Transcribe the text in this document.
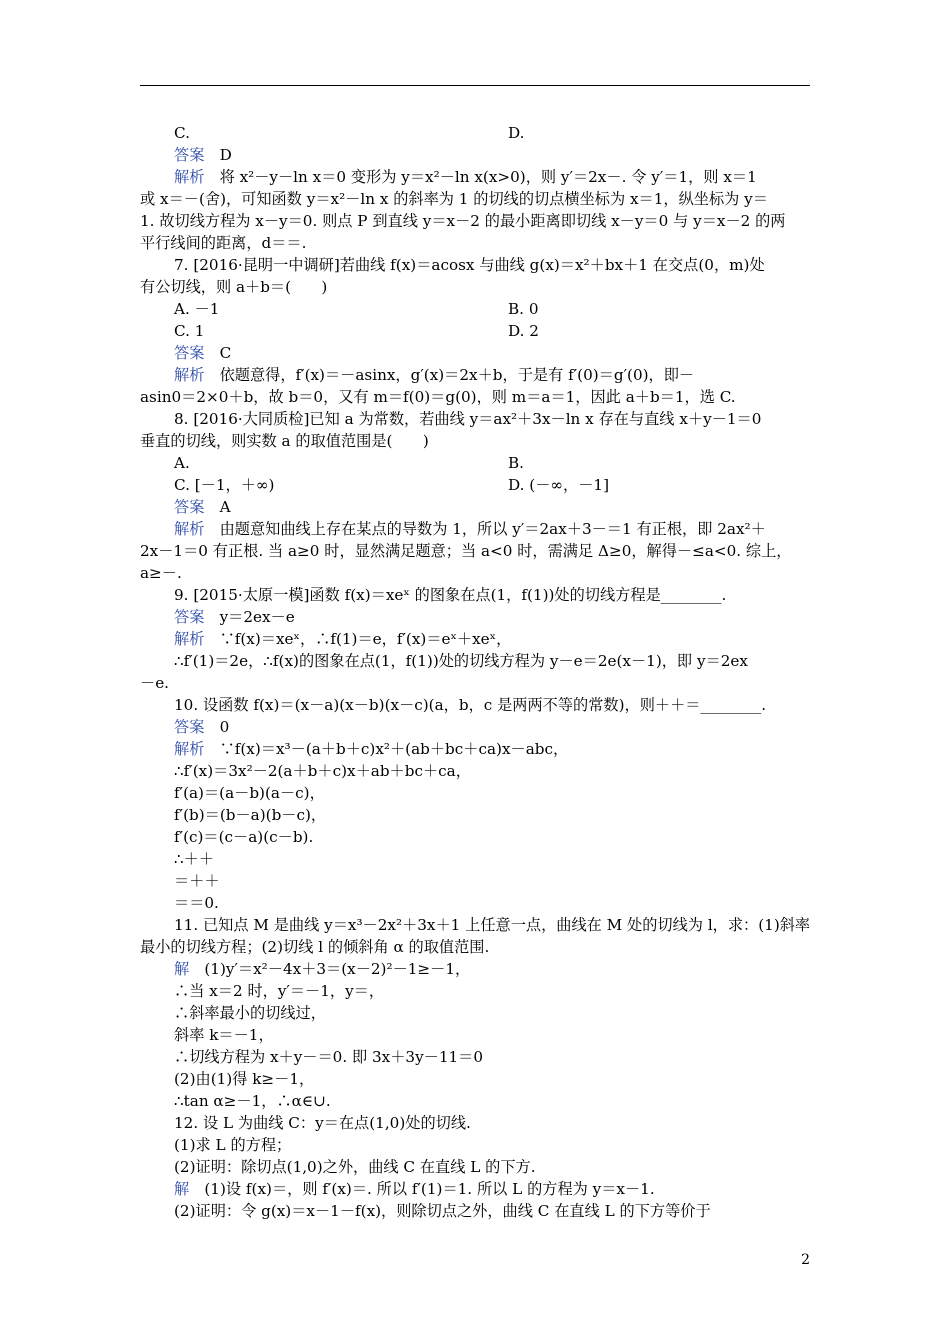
C.	D.
答案　D
解析　将 x²－y－ln x＝0 变形为 y＝x²－ln x(x>0)，则 y′＝2x－. 令 y′＝1，则 x＝1
或 x＝－(舍)，可知函数 y＝x²－ln x 的斜率为 1 的切线的切点横坐标为 x＝1，纵坐标为 y＝
1. 故切线方程为 x－y＝0. 则点 P 到直线 y＝x－2 的最小距离即切线 x－y＝0 与 y＝x－2 的两
平行线间的距离，d＝＝.
7. [2016·昆明一中调研]若曲线 f(x)＝acosx 与曲线 g(x)＝x²＋bx＋1 在交点(0，m)处
有公切线，则 a＋b＝(　　)
A. －1	B. 0
C. 1	D. 2
答案　C
解析　依题意得，f′(x)＝－asinx，g′(x)＝2x＋b，于是有 f′(0)＝g′(0)，即－
asin0＝2×0＋b，故 b＝0，又有 m＝f(0)＝g(0)，则 m＝a＝1，因此 a＋b＝1，选 C.
8. [2016·大同质检]已知 a 为常数，若曲线 y＝ax²＋3x－ln x 存在与直线 x＋y－1＝0
垂直的切线，则实数 a 的取值范围是(　　)
A.	B.
C. [－1，＋∞)	D. (－∞，－1]
答案　A
解析　由题意知曲线上存在某点的导数为 1，所以 y′＝2ax＋3－＝1 有正根，即 2ax²＋
2x－1＝0 有正根. 当 a≥0 时，显然满足题意；当 a<0 时，需满足 Δ≥0，解得－≤a<0. 综上，
a≥－.
9. [2015·太原一模]函数 f(x)＝xeˣ 的图象在点(1，f(1))处的切线方程是________.
答案　y＝2ex－e
解析　∵f(x)＝xeˣ，∴f(1)＝e，f′(x)＝eˣ＋xeˣ，
∴f′(1)＝2e，∴f(x)的图象在点(1，f(1))处的切线方程为 y－e＝2e(x－1)，即 y＝2ex
－e.
10. 设函数 f(x)＝(x－a)(x－b)(x－c)(a，b，c 是两两不等的常数)，则＋＋＝________.
答案　0
解析　∵f(x)＝x³－(a＋b＋c)x²＋(ab＋bc＋ca)x－abc，
∴f′(x)＝3x²－2(a＋b＋c)x＋ab＋bc＋ca，
f′(a)＝(a－b)(a－c)，
f′(b)＝(b－a)(b－c)，
f′(c)＝(c－a)(c－b).
∴＋＋
＝＋＋
＝＝0.
11. 已知点 M 是曲线 y＝x³－2x²＋3x＋1 上任意一点，曲线在 M 处的切线为 l，求：(1)斜率
最小的切线方程；(2)切线 l 的倾斜角 α 的取值范围.
解　(1)y′＝x²－4x＋3＝(x－2)²－1≥－1，
∴当 x＝2 时，y′＝－1，y＝，
∴斜率最小的切线过，
斜率 k＝－1，
∴切线方程为 x＋y－＝0. 即 3x＋3y－11＝0
(2)由(1)得 k≥－1，
∴tan α≥－1，∴α∈∪.
12. 设 L 为曲线 C：y＝在点(1,0)处的切线.
(1)求 L 的方程；
(2)证明：除切点(1,0)之外，曲线 C 在直线 L 的下方.
解　(1)设 f(x)＝，则 f′(x)＝. 所以 f′(1)＝1. 所以 L 的方程为 y＝x－1.
(2)证明：令 g(x)＝x－1－f(x)，则除切点之外，曲线 C 在直线 L 的下方等价于
2
